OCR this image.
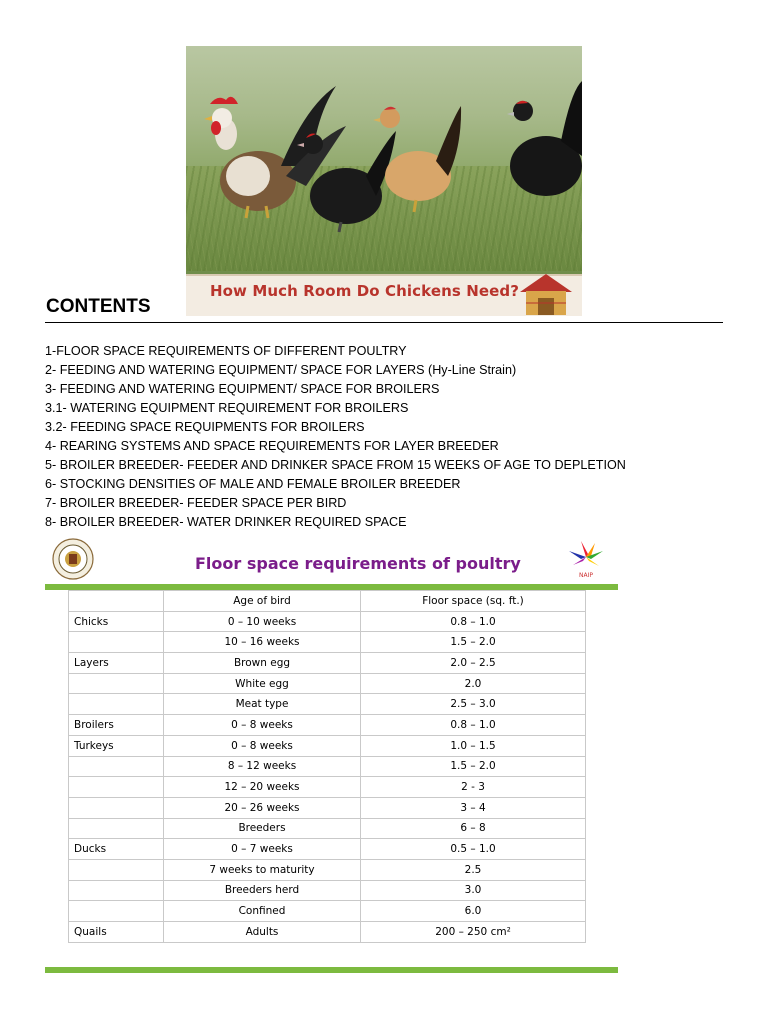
How Much Room Do Chickens Need?
CONTENTS
1-FLOOR SPACE REQUIREMENTS OF DIFFERENT POULTRY
2- FEEDING AND WATERING EQUIPMENT/ SPACE FOR LAYERS (Hy-Line Strain)
3- FEEDING AND WATERING EQUIPMENT/ SPACE FOR BROILERS
3.1- WATERING EQUIPMENT REQUIREMENT FOR BROILERS
3.2- FEEDING SPACE REQUIPMENTS FOR BROILERS
4- REARING SYSTEMS AND SPACE REQUIREMENTS FOR LAYER BREEDER
5- BROILER BREEDER- FEEDER AND DRINKER SPACE FROM 15 WEEKS OF AGE TO DEPLETION
6- STOCKING DENSITIES OF MALE AND FEMALE BROILER BREEDER
7- BROILER BREEDER- FEEDER SPACE PER BIRD
8- BROILER BREEDER- WATER DRINKER REQUIRED SPACE
Floor space requirements of poultry
NAIP
	Age of bird	Floor space (sq. ft.)
Chicks	0 – 10 weeks	0.8 – 1.0
	10 – 16 weeks	1.5 – 2.0
Layers	Brown egg	2.0 – 2.5
	White egg	2.0
	Meat type	2.5 – 3.0
Broilers	0 – 8 weeks	0.8 – 1.0
Turkeys	0 – 8 weeks	1.0 – 1.5
	8 – 12 weeks	1.5 – 2.0
	12 – 20 weeks	2 - 3
	20 – 26 weeks	3 – 4
	Breeders	6 – 8
Ducks	0 – 7 weeks	0.5 – 1.0
	7 weeks to maturity	2.5
	Breeders herd	3.0
	Confined	6.0
Quails	Adults	200 – 250 cm²
